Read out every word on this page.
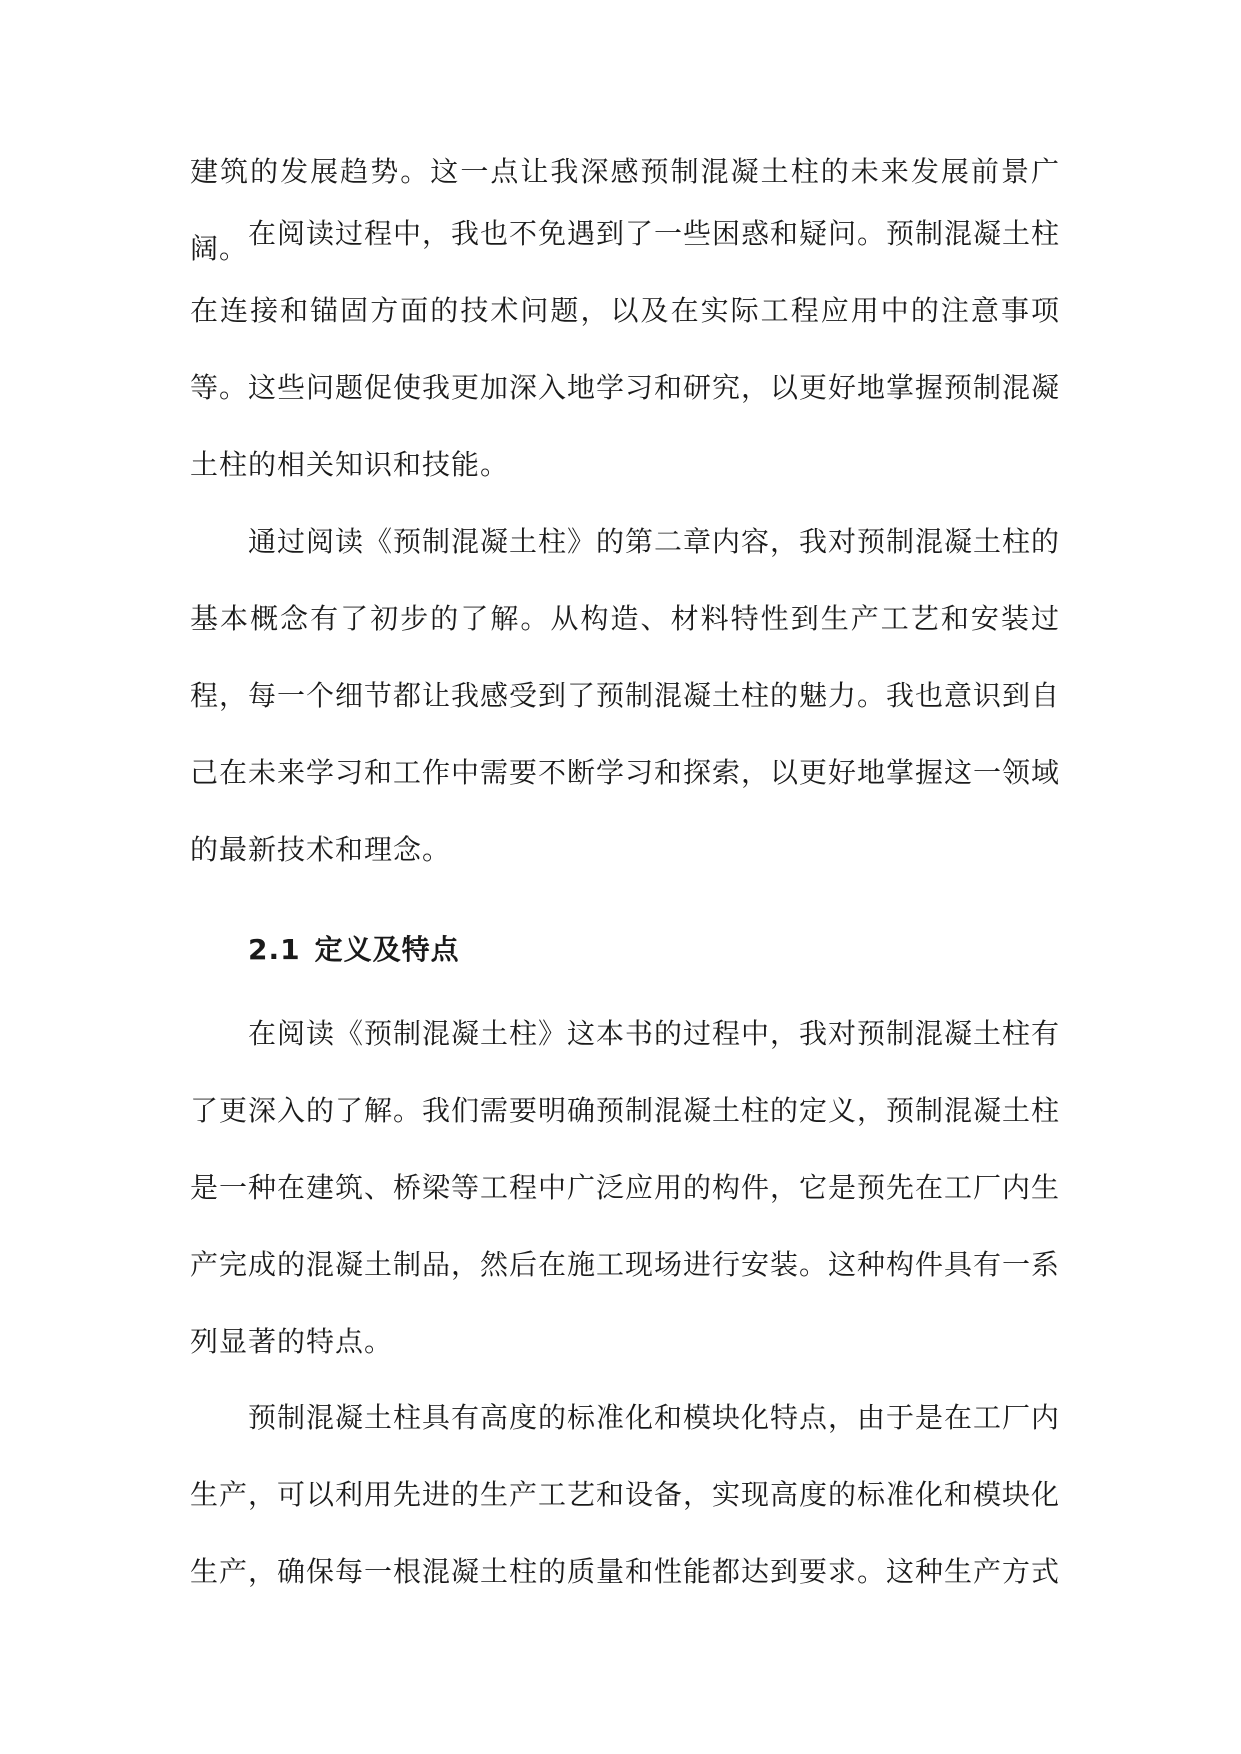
建筑的发展趋势。这一点让我深感预制混凝土柱的未来发展前景广阔。 在阅读过程中，我也不免遇到了一些困惑和疑问。预制混凝土柱在连接和锚固方面的技术问题，以及在实际工程应用中的注意事项等。这些问题促使我更加深入地学习和研究，以更好地掌握预制混凝土柱的相关知识和技能。
通过阅读《预制混凝土柱》的第二章内容，我对预制混凝土柱的基本概念有了初步的了解。从构造、材料特性到生产工艺和安装过程，每一个细节都让我感受到了预制混凝土柱的魅力。我也意识到自己在未来学习和工作中需要不断学习和探索，以更好地掌握这一领域的最新技术和理念。
2.1 定义及特点
在阅读《预制混凝土柱》这本书的过程中，我对预制混凝土柱有了更深入的了解。我们需要明确预制混凝土柱的定义，预制混凝土柱是一种在建筑、桥梁等工程中广泛应用的构件，它是预先在工厂内生产完成的混凝土制品，然后在施工现场进行安装。这种构件具有一系列显著的特点。
预制混凝土柱具有高度的标准化和模块化特点，由于是在工厂内生产，可以利用先进的生产工艺和设备，实现高度的标准化和模块化生产，确保每一根混凝土柱的质量和性能都达到要求。这种生产方式
